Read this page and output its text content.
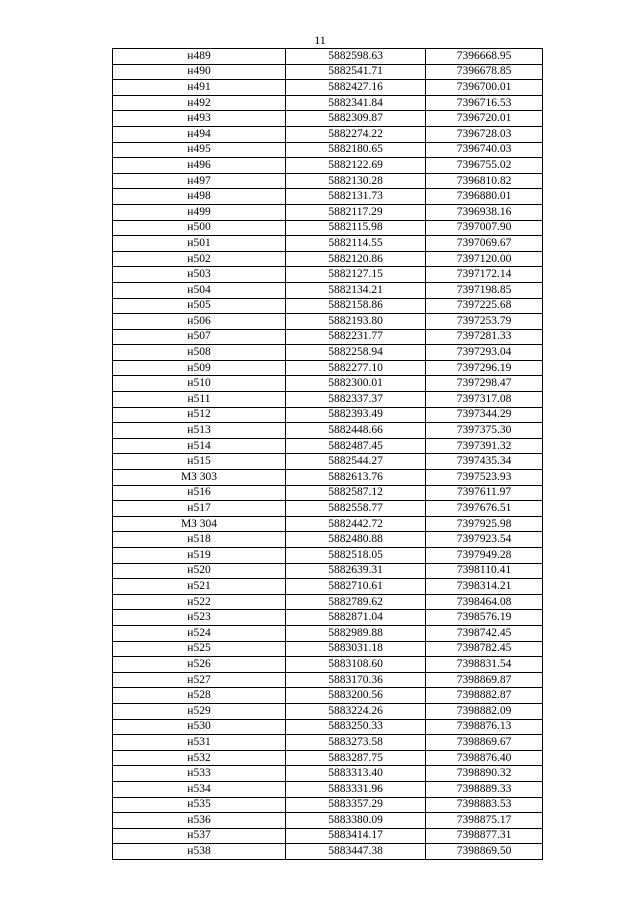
11
н489	5882598.63	7396668.95
н490	5882541.71	7396678.85
н491	5882427.16	7396700.01
н492	5882341.84	7396716.53
н493	5882309.87	7396720.01
н494	5882274.22	7396728.03
н495	5882180.65	7396740.03
н496	5882122.69	7396755.02
н497	5882130.28	7396810.82
н498	5882131.73	7396880.01
н499	5882117.29	7396938.16
н500	5882115.98	7397007.90
н501	5882114.55	7397069.67
н502	5882120.86	7397120.00
н503	5882127.15	7397172.14
н504	5882134.21	7397198.85
н505	5882158.86	7397225.68
н506	5882193.80	7397253.79
н507	5882231.77	7397281.33
н508	5882258.94	7397293.04
н509	5882277.10	7397296.19
н510	5882300.01	7397298.47
н511	5882337.37	7397317.08
н512	5882393.49	7397344.29
н513	5882448.66	7397375.30
н514	5882487.45	7397391.32
н515	5882544.27	7397435.34
МЗ 303	5882613.76	7397523.93
н516	5882587.12	7397611.97
н517	5882558.77	7397676.51
МЗ 304	5882442.72	7397925.98
н518	5882480.88	7397923.54
н519	5882518.05	7397949.28
н520	5882639.31	7398110.41
н521	5882710.61	7398314.21
н522	5882789.62	7398464.08
н523	5882871.04	7398576.19
н524	5882989.88	7398742.45
н525	5883031.18	7398782.45
н526	5883108.60	7398831.54
н527	5883170.36	7398869.87
н528	5883200.56	7398882.87
н529	5883224.26	7398882.09
н530	5883250.33	7398876.13
н531	5883273.58	7398869.67
н532	5883287.75	7398876.40
н533	5883313.40	7398890.32
н534	5883331.96	7398889.33
н535	5883357.29	7398883.53
н536	5883380.09	7398875.17
н537	5883414.17	7398877.31
н538	5883447.38	7398869.50
